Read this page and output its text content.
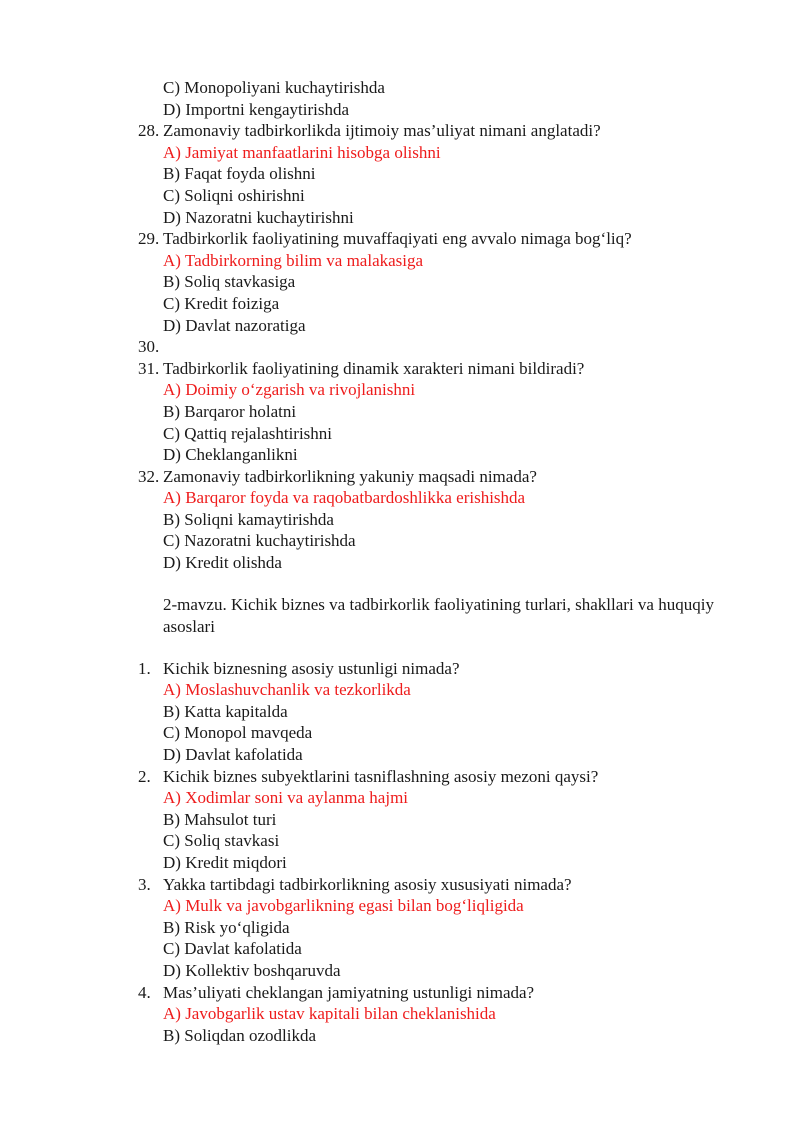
C) Monopoliyani kuchaytirishda
D) Importni kengaytirishda
28. Zamonaviy tadbirkorlikda ijtimoiy mas’uliyat nimani anglatadi?
A) Jamiyat manfaatlarini hisobga olishni
B) Faqat foyda olishni
C) Soliqni oshirishni
D) Nazoratni kuchaytirishni
29. Tadbirkorlik faoliyatining muvaffaqiyati eng avvalo nimaga bog‘liq?
A) Tadbirkorning bilim va malakasiga
B) Soliq stavkasiga
C) Kredit foiziga
D) Davlat nazoratiga
30.
31. Tadbirkorlik faoliyatining dinamik xarakteri nimani bildiradi?
A) Doimiy o‘zgarish va rivojlanishni
B) Barqaror holatni
C) Qattiq rejalashtirishni
D) Cheklanganlikni
32. Zamonaviy tadbirkorlikning yakuniy maqsadi nimada?
A) Barqaror foyda va raqobatbardoshlikka erishishda
B) Soliqni kamaytirishda
C) Nazoratni kuchaytirishda
D) Kredit olishda
2-mavzu. Kichik biznes va tadbirkorlik faoliyatining turlari, shakllari va huquqiy asoslari
1. Kichik biznesning asosiy ustunligi nimada?
A) Moslashuvchanlik va tezkorlikda
B) Katta kapitalda
C) Monopol mavqeda
D) Davlat kafolatida
2. Kichik biznes subyektlarini tasniflashning asosiy mezoni qaysi?
A) Xodimlar soni va aylanma hajmi
B) Mahsulot turi
C) Soliq stavkasi
D) Kredit miqdori
3. Yakka tartibdagi tadbirkorlikning asosiy xususiyati nimada?
A) Mulk va javobgarlikning egasi bilan bog‘liqligida
B) Risk yo‘qligida
C) Davlat kafolatida
D) Kollektiv boshqaruvda
4. Mas’uliyati cheklangan jamiyatning ustunligi nimada?
A) Javobgarlik ustav kapitali bilan cheklanishida
B) Soliqdan ozodlikda
